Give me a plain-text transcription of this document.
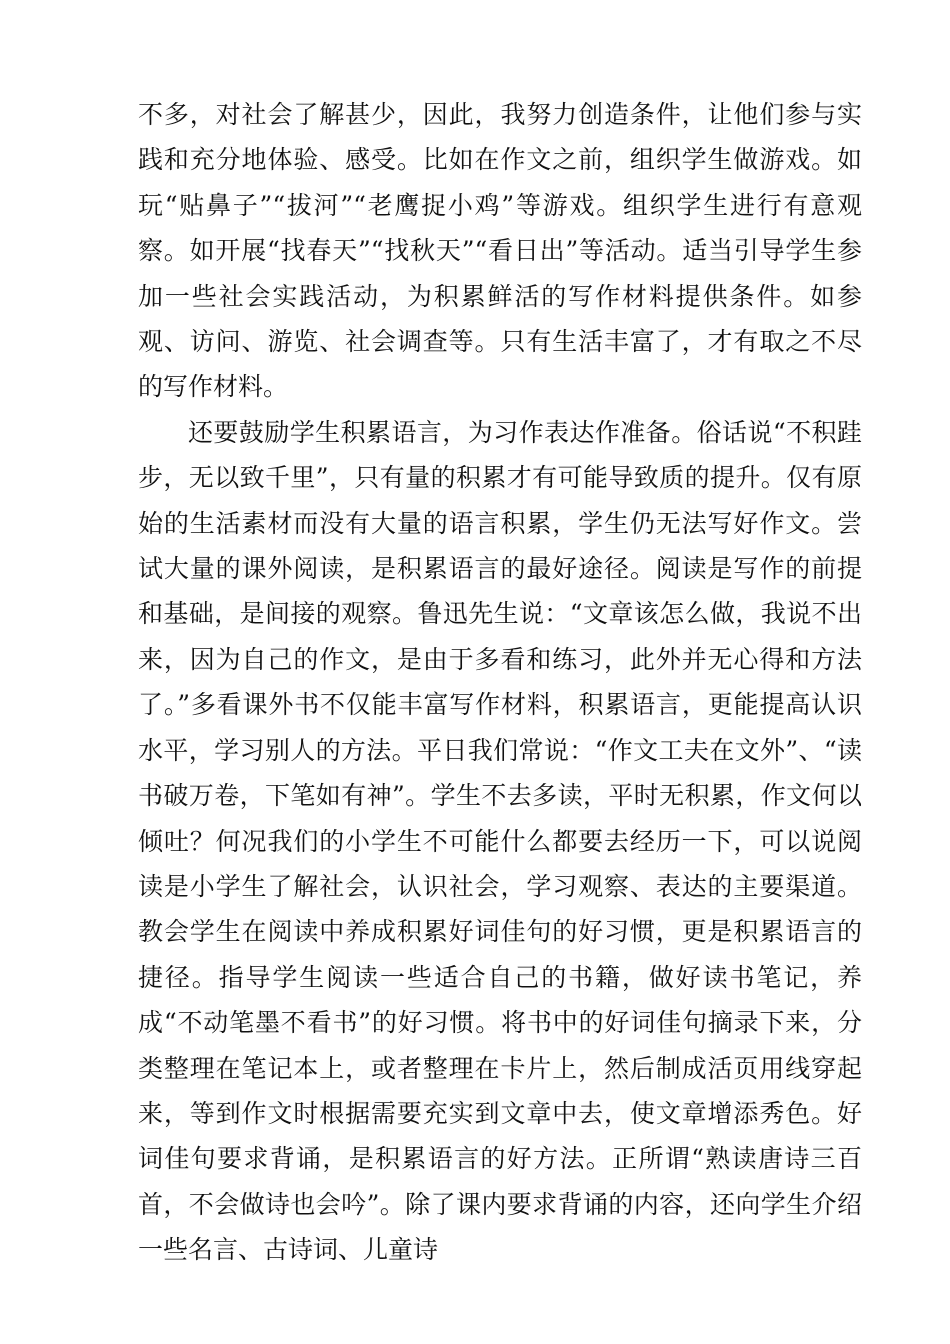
不多，对社会了解甚少，因此，我努力创造条件，让他们参与实践和充分地体验、感受。比如在作文之前，组织学生做游戏。如玩“贴鼻子”“拔河”“老鹰捉小鸡”等游戏。组织学生进行有意观察。如开展“找春天”“找秋天”“看日出”等活动。适当引导学生参加一些社会实践活动，为积累鲜活的写作材料提供条件。如参观、访问、游览、社会调查等。只有生活丰富了，才有取之不尽的写作材料。

还要鼓励学生积累语言，为习作表达作准备。俗话说“不积跬步，无以致千里”，只有量的积累才有可能导致质的提升。仅有原始的生活素材而没有大量的语言积累，学生仍无法写好作文。尝试大量的课外阅读，是积累语言的最好途径。阅读是写作的前提和基础，是间接的观察。鲁迅先生说：“文章该怎么做，我说不出来，因为自己的作文，是由于多看和练习，此外并无心得和方法了。”多看课外书不仅能丰富写作材料，积累语言，更能提高认识水平，学习别人的方法。平日我们常说：“作文工夫在文外”、“读书破万卷，下笔如有神”。学生不去多读，平时无积累，作文何以倾吐？何况我们的小学生不可能什么都要去经历一下，可以说阅读是小学生了解社会，认识社会，学习观察、表达的主要渠道。教会学生在阅读中养成积累好词佳句的好习惯，更是积累语言的捷径。指导学生阅读一些适合自己的书籍，做好读书笔记，养成“不动笔墨不看书”的好习惯。将书中的好词佳句摘录下来，分类整理在笔记本上，或者整理在卡片上，然后制成活页用线穿起来，等到作文时根据需要充实到文章中去，使文章增添秀色。好词佳句要求背诵，是积累语言的好方法。正所谓“熟读唐诗三百首，不会做诗也会吟”。除了课内要求背诵的内容，还向学生介绍一些名言、古诗词、儿童诗
